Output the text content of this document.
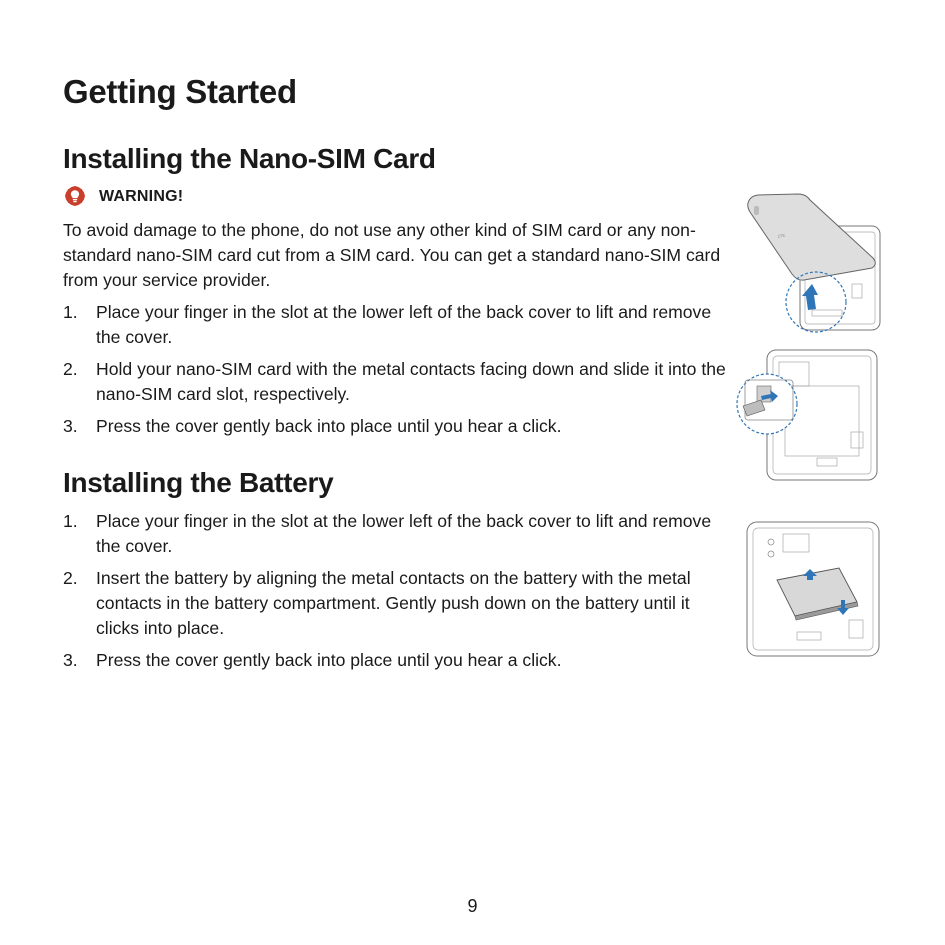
Getting Started
Installing the Nano-SIM Card
WARNING!

To avoid damage to the phone, do not use any other kind of SIM card or any non-standard nano-SIM card cut from a SIM card. You can get a standard nano-SIM card from your service provider.

1. Place your finger in the slot at the lower left of the back cover to lift and remove the cover.
2. Hold your nano-SIM card with the metal contacts facing down and slide it into the nano-SIM card slot, respectively.
3. Press the cover gently back into place until you hear a click.
Installing the Battery
1. Place your finger in the slot at the lower left of the back cover to lift and remove the cover.
2. Insert the battery by aligning the metal contacts on the battery with the metal contacts in the battery compartment. Gently push down on the battery until it clicks into place.
3. Press the cover gently back into place until you hear a click.
ZTE
9
